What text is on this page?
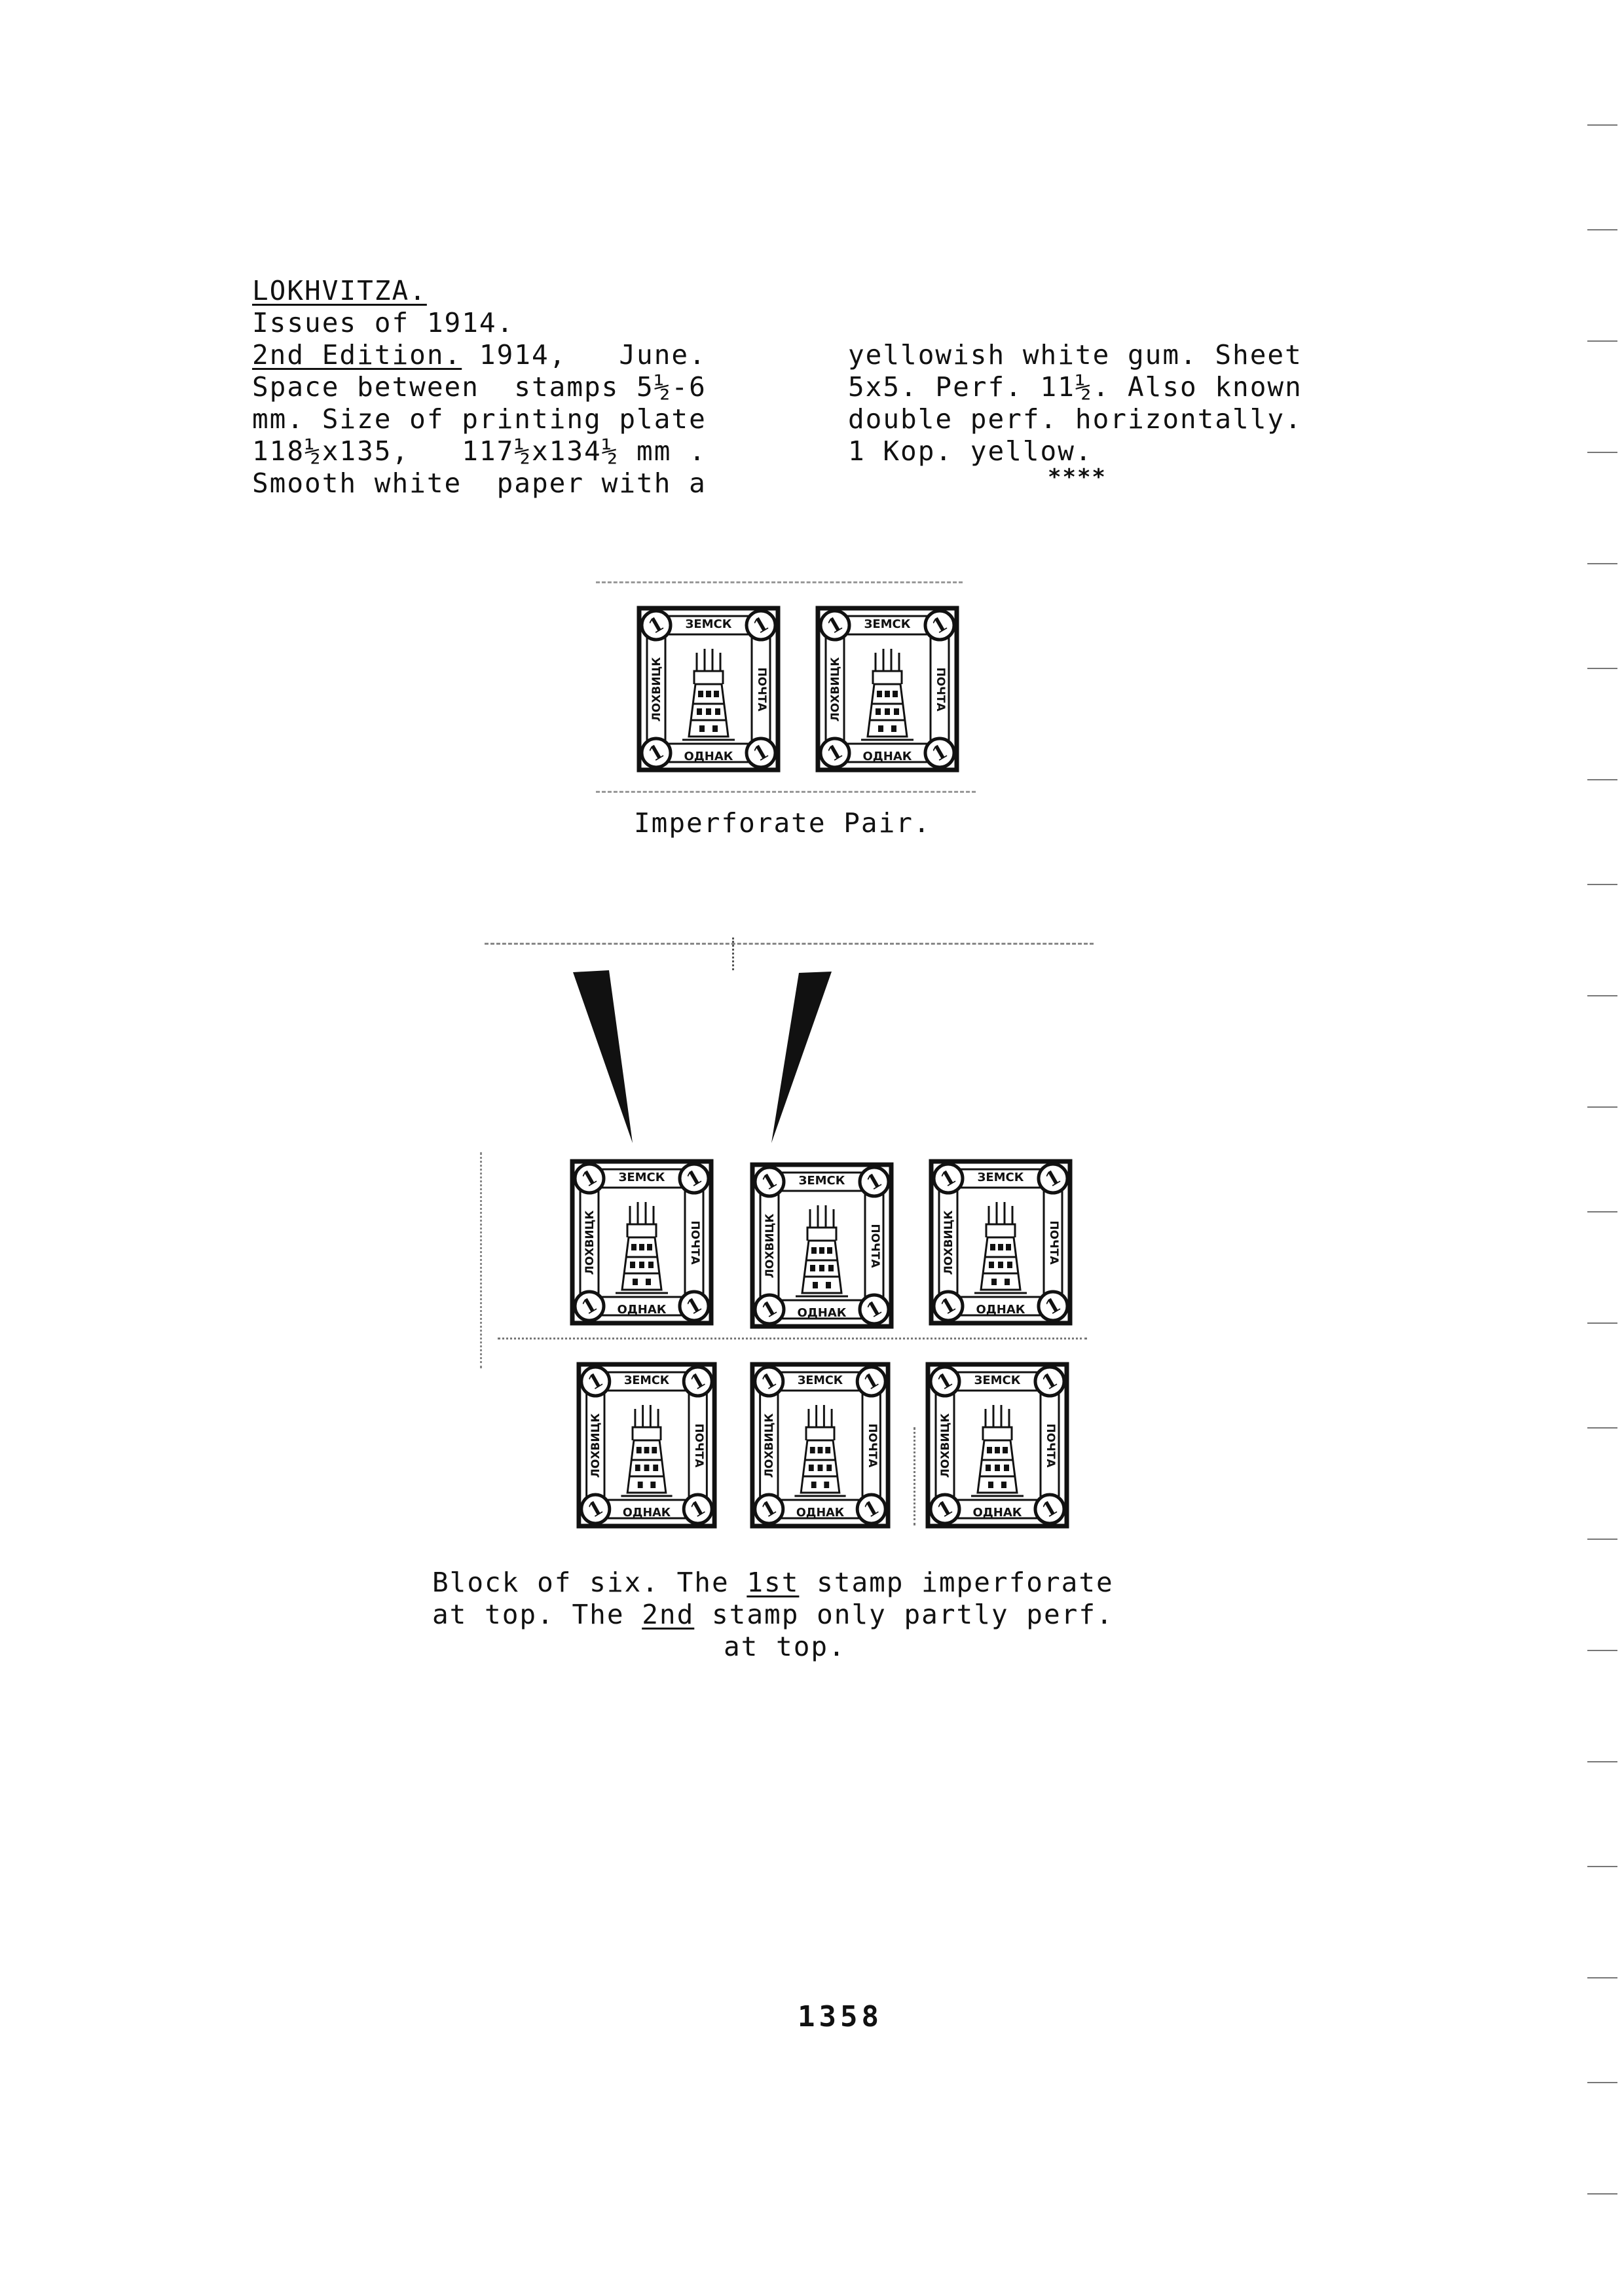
LOKHVITZA.
Issues of 1914.
2nd Edition. 1914,   June.
Space between  stamps 5½-6
mm. Size of printing plate
118½x135,   117½x134½ mm .
Smooth white  paper with a
yellowish white gum. Sheet
5x5. Perf. 11½. Also known
double perf. horizontally.
1 Kop. yellow.
****
1	1
1	1
ЗЕМСК
ОДНАК
ЛОХВИЦК	ПОЧТА
1	1
1	1
ЗЕМСК
ОДНАК
ЛОХВИЦК	ПОЧТА
Imperforate Pair.
1	1
1	1
ЗЕМСК
ОДНАК
ЛОХВИЦК	ПОЧТА
1	1
1	1
ЗЕМСК
ОДНАК
ЛОХВИЦК	ПОЧТА
1	1
1	1
ЗЕМСК
ОДНАК
ЛОХВИЦК	ПОЧТА
1	1
1	1
ЗЕМСК
ОДНАК
ЛОХВИЦК	ПОЧТА
1	1
1	1
ЗЕМСК
ОДНАК
ЛОХВИЦК	ПОЧТА
1	1
1	1
ЗЕМСК
ОДНАК
ЛОХВИЦК	ПОЧТА
Block of six. The 1st stamp imperforate
at top. The 2nd stamp only partly perf.
at top.
1358
